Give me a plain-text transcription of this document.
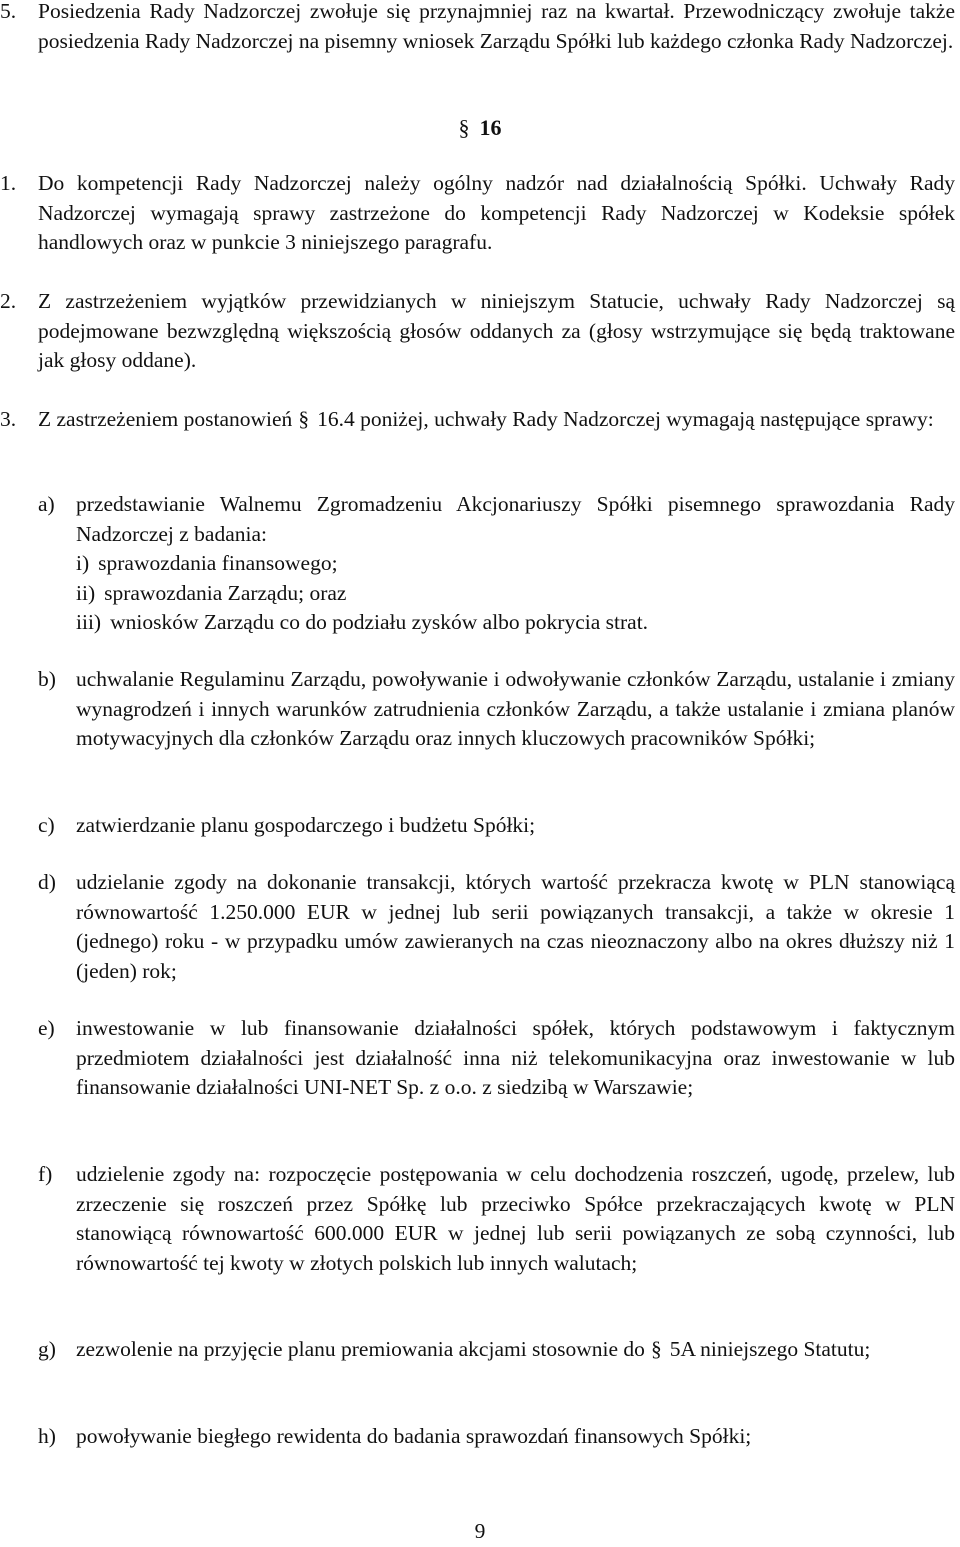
5.	Posiedzenia Rady Nadzorczej zwołuje się przynajmniej raz na kwartał. Przewodniczący zwołuje także posiedzenia Rady Nadzorczej na pisemny wniosek Zarządu Spółki lub każdego członka Rady Nadzorczej.
§ 16
1.	Do kompetencji Rady Nadzorczej należy ogólny nadzór nad działalnością Spółki. Uchwały Rady Nadzorczej wymagają sprawy zastrzeżone do kompetencji Rady Nadzorczej w Kodeksie spółek handlowych oraz w punkcie 3 niniejszego paragrafu.
2.	Z zastrzeżeniem wyjątków przewidzianych w niniejszym Statucie, uchwały Rady Nadzorczej są podejmowane bezwzględną większością głosów oddanych za (głosy wstrzymujące się będą traktowane jak głosy oddane).
3.	Z zastrzeżeniem postanowień § 16.4 poniżej, uchwały Rady Nadzorczej wymagają następujące sprawy:
a) przedstawianie Walnemu Zgromadzeniu Akcjonariuszy Spółki pisemnego sprawozdania Rady Nadzorczej z badania:
i) sprawozdania finansowego;
ii) sprawozdania Zarządu; oraz
iii) wniosków Zarządu co do podziału zysków albo pokrycia strat.
b) uchwalanie Regulaminu Zarządu, powoływanie i odwoływanie członków Zarządu, ustalanie i zmiany wynagrodzeń i innych warunków zatrudnienia członków Zarządu, a także ustalanie i zmiana planów motywacyjnych dla członków Zarządu oraz innych kluczowych pracowników Spółki;
c) zatwierdzanie planu gospodarczego i budżetu Spółki;
d) udzielanie zgody na dokonanie transakcji, których wartość przekracza kwotę w PLN stanowiącą równowartość 1.250.000 EUR w jednej lub serii powiązanych transakcji, a także w okresie 1 (jednego) roku - w przypadku umów zawieranych na czas nieoznaczony albo na okres dłuższy niż 1 (jeden) rok;
e) inwestowanie w lub finansowanie działalności spółek, których podstawowym i faktycznym przedmiotem działalności jest działalność inna niż telekomunikacyjna oraz inwestowanie w lub finansowanie działalności UNI-NET Sp. z o.o. z siedzibą w Warszawie;
f)	udzielenie zgody na: rozpoczęcie postępowania w celu dochodzenia roszczeń, ugodę, przelew, lub zrzeczenie się roszczeń przez Spółkę lub przeciwko Spółce przekraczających kwotę w PLN stanowiącą równowartość 600.000 EUR w jednej lub serii powiązanych ze sobą czynności, lub równowartość tej kwoty w złotych polskich lub innych walutach;
g) zezwolenie na przyjęcie planu premiowania akcjami stosownie do § 5A niniejszego Statutu;
h) powoływanie biegłego rewidenta do badania sprawozdań finansowych Spółki;
9
